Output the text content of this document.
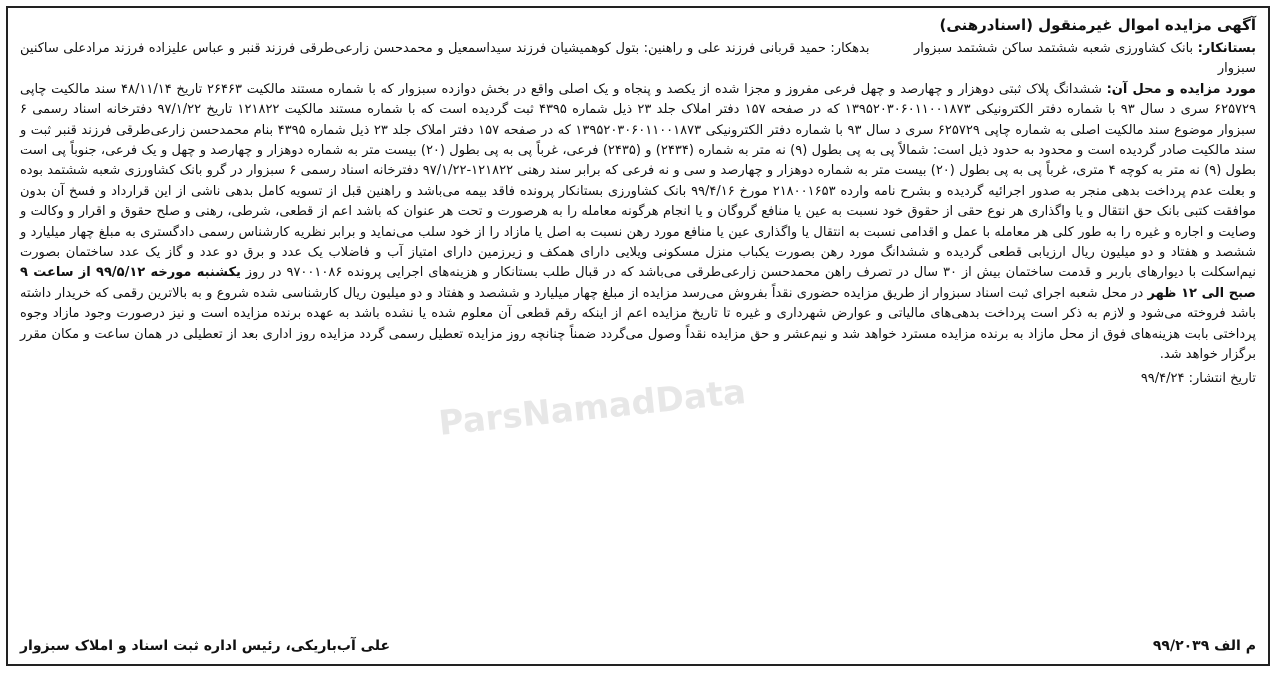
آگهی مزایده اموال غیرمنقول (اسنادرهنی)

بستانکار: بانک کشاورزی شعبه ششتمد ساکن ششتمد سبزوار بدهکار: حمید قربانی فرزند علی و راهنین: بتول کوهمیشیان فرزند سیداسمعیل و محمدحسن زارعی‌طرقی فرزند قنبر و عباس علیزاده فرزند مرادعلی ساکنین سبزوار

مورد مزایده و محل آن: ششدانگ پلاک ثبتی دوهزار و چهارصد و چهل فرعی مفروز و مجزا شده از یکصد و پنجاه و یک اصلی واقع در بخش دوازده سبزوار که با شماره مستند مالکیت ۲۶۴۶۳ تاریخ ۴۸/۱۱/۱۴ سند مالکیت چاپی ۶۲۵۷۲۹ سری د سال ۹۳ با شماره دفتر الکترونیکی ۱۳۹۵۲۰۳۰۶۰۱۱۰۰۱۸۷۳ که در صفحه ۱۵۷ دفتر املاک جلد ۲۳ ذیل شماره ۴۳۹۵ ثبت گردیده است که با شماره مستند مالکیت ۱۲۱۸۲۲ تاریخ ۹۷/۱/۲۲ دفترخانه اسناد رسمی ۶ سبزوار موضوع سند مالکیت اصلی به شماره چاپی ۶۲۵۷۲۹ سری د سال ۹۳ با شماره دفتر الکترونیکی ۱۳۹۵۲۰۳۰۶۰۱۱۰۰۱۸۷۳ که در صفحه ۱۵۷ دفتر املاک جلد ۲۳ ذیل شماره ۴۳۹۵ بنام محمدحسن زارعی‌طرقی فرزند قنبر ثبت و سند مالکیت صادر گردیده است و محدود به حدود ذیل است: شمالاً پی به پی بطول (۹) نه متر به شماره (۲۴۳۴) و (۲۴۳۵) فرعی، غرباً پی به پی بطول (۲۰) بیست متر به شماره دوهزار و چهارصد و چهل و یک فرعی، جنوباً پی است بطول (۹) نه متر به کوچه ۴ متری، غرباً پی به پی بطول (۲۰) بیست متر به شماره دوهزار و چهارصد و سی و نه فرعی که برابر سند رهنی ۱۲۱۸۲۲-۹۷/۱/۲۲ دفترخانه اسناد رسمی ۶ سبزوار در گرو بانک کشاورزی شعبه ششتمد بوده و بعلت عدم پرداخت بدهی منجر به صدور اجرائیه گردیده و بشرح نامه وارده ۲۱۸۰۰۱۶۵۳ مورخ ۹۹/۴/۱۶ بانک کشاورزی بستانکار پرونده فاقد بیمه می‌باشد و راهنین قبل از تسویه کامل بدهی ناشی از این قرارداد و فسخ آن بدون موافقت کتبی بانک حق انتقال و یا واگذاری هر نوع حقی از حقوق خود نسبت به عین یا منافع گروگان و یا انجام هرگونه معامله را به هرصورت و تحت هر عنوان که باشد اعم از قطعی، شرطی، رهنی و صلح حقوق و اقرار و وکالت و وصایت و اجاره و غیره را به طور کلی هر معامله با عمل و اقدامی نسبت به انتقال یا واگذاری عین یا منافع مورد رهن نسبت به اصل یا مازاد را از خود سلب می‌نماید و برابر نظریه کارشناس رسمی دادگستری به مبلغ چهار میلیارد و ششصد و هفتاد و دو میلیون ریال ارزیابی قطعی گردیده و ششدانگ مورد رهن بصورت یکباب منزل مسکونی ویلایی دارای همکف و زیرزمین دارای امتیاز آب و فاضلاب یک عدد و برق دو عدد و گاز یک عدد ساختمان بصورت نیم‌اسکلت با دیوارهای باربر و قدمت ساختمان بیش از ۳۰ سال در تصرف راهن محمدحسن زارعی‌طرقی می‌باشد که در قبال طلب بستانکار و هزینه‌های اجرایی پرونده ۹۷۰۰۱۰۸۶ در روز یکشنبه مورخه ۹۹/۵/۱۲ از ساعت ۹ صبح الی ۱۲ ظهر در محل شعبه اجرای ثبت اسناد سبزوار از طریق مزایده حضوری نقداً بفروش می‌رسد مزایده از مبلغ چهار میلیارد و ششصد و هفتاد و دو میلیون ریال کارشناسی شده شروع و به بالاترین رقمی که خریدار داشته باشد فروخته می‌شود و لازم به ذکر است پرداخت بدهی‌های مالیاتی و عوارض شهرداری و غیره تا تاریخ مزایده اعم از اینکه رقم قطعی آن معلوم شده یا نشده باشد به عهده برنده مزایده است و نیز درصورت وجود مازاد وجوه پرداختی بابت هزینه‌های فوق از محل مازاد به برنده مزایده مسترد خواهد شد و نیم‌عشر و حق مزایده نقداً وصول می‌گردد ضمناً چنانچه روز مزایده تعطیل رسمی گردد مزایده روز اداری بعد از تعطیلی در همان ساعت و مکان مقرر برگزار خواهد شد.

تاریخ انتشار: ۹۹/۴/۲۴
م الف ۹۹/۲۰۳۹
علی آب‌باریکی، رئیس اداره ثبت اسناد و املاک سبزوار
ParsNamadData
